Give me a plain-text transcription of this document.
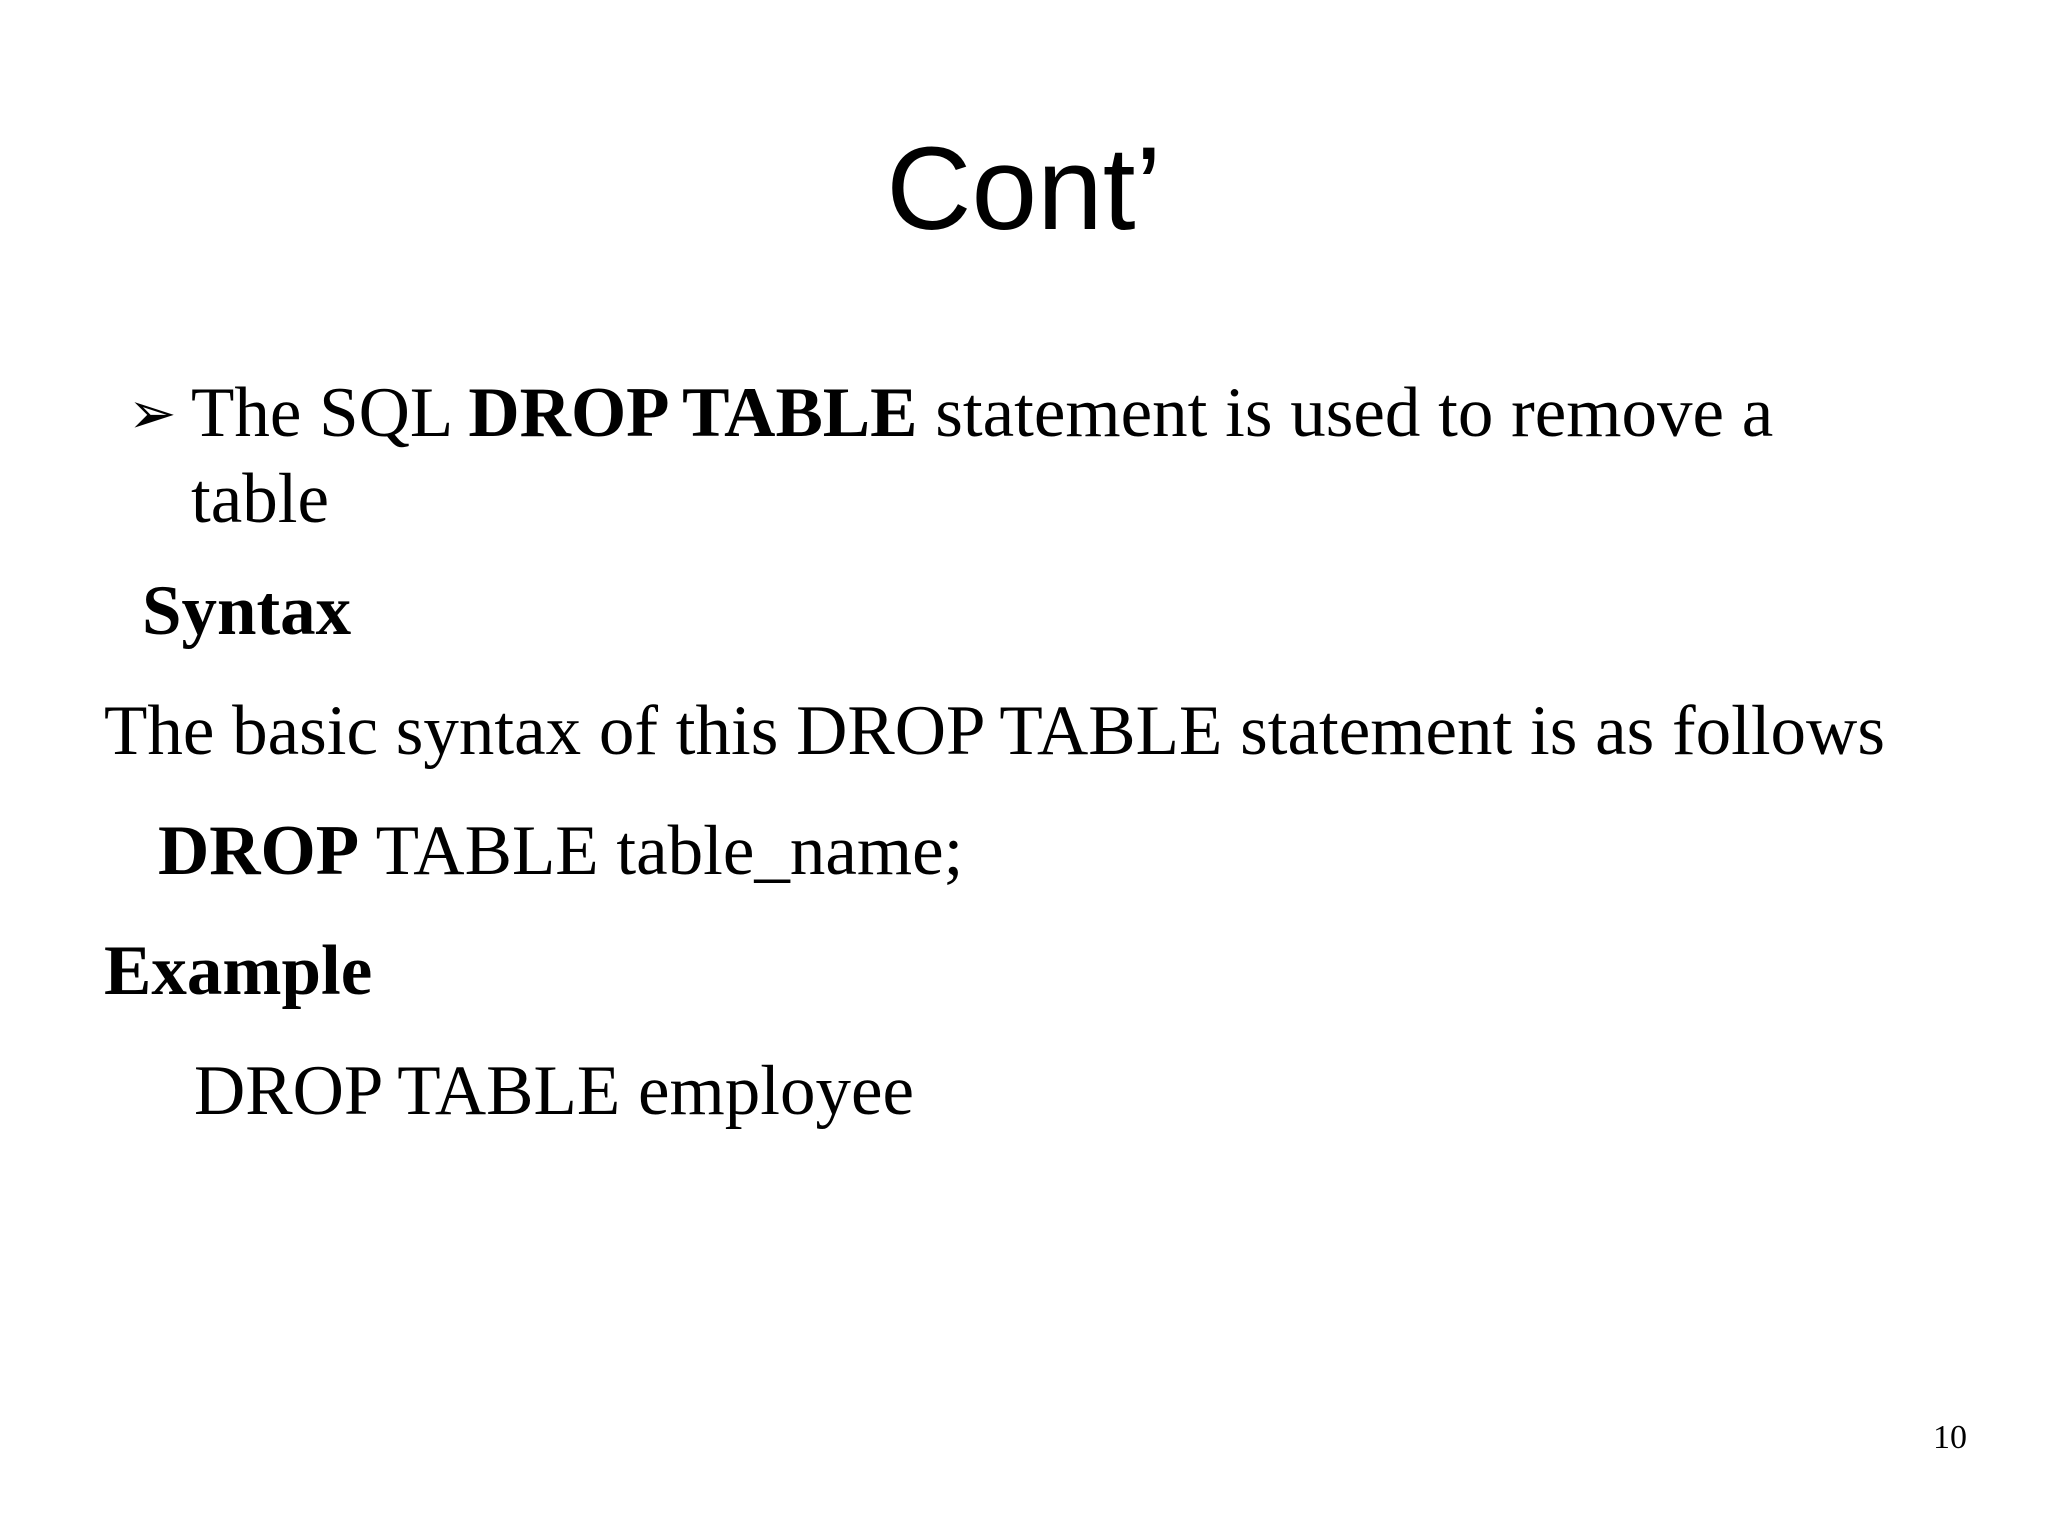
Cont’
➢ The SQL DROP TABLE statement is used to remove a table
Syntax
The basic syntax of this DROP TABLE statement is as follows
DROP TABLE table_name;
Example
DROP TABLE employee
10
